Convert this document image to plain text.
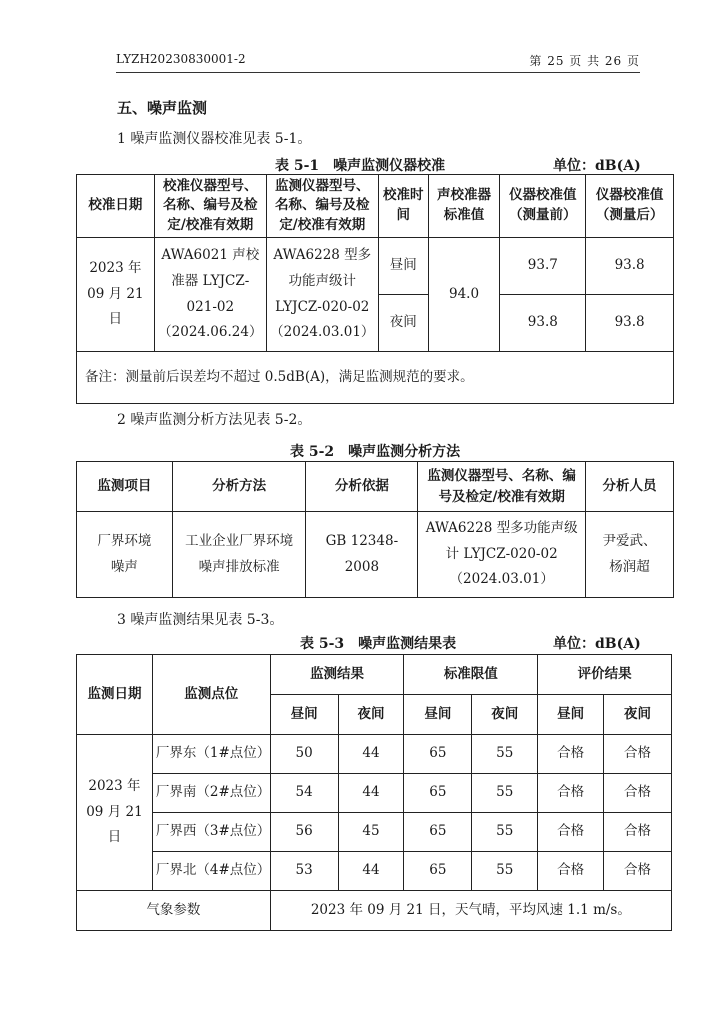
LYZH20230830001-2	第 25 页 共 26 页
五、噪声监测
1 噪声监测仪器校准见表 5-1。
表 5-1　噪声监测仪器校准	单位：dB(A)
校准日期	校准仪器型号、名称、编号及检定/校准有效期	监测仪器型号、名称、编号及检定/校准有效期	校准时间	声校准器标准值	仪器校准值（测量前）	仪器校准值（测量后）
2023 年 09 月 21 日	AWA6021 声校准器 LYJCZ-021-02（2024.06.24）	AWA6228 型多功能声级计 LYJCZ-020-02（2024.03.01）	昼间	94.0	93.7	93.8
			夜间		93.8	93.8
备注：测量前后误差均不超过 0.5dB(A)，满足监测规范的要求。						
2 噪声监测分析方法见表 5-2。
表 5-2　噪声监测分析方法
监测项目	分析方法	分析依据	监测仪器型号、名称、编号及检定/校准有效期	分析人员
厂界环境噪声	工业企业厂界环境噪声排放标准	GB 12348-2008	AWA6228 型多功能声级计 LYJCZ-020-02（2024.03.01）	尹爱武、杨润超
3 噪声监测结果见表 5-3。
表 5-3　噪声监测结果表	单位：dB(A)
监测日期	监测点位	监测结果		标准限值		评价结果	
		昼间	夜间	昼间	夜间	昼间	夜间
2023 年 09 月 21 日	厂界东（1#点位）	50	44	65	55	合格	合格
	厂界南（2#点位）	54	44	65	55	合格	合格
	厂界西（3#点位）	56	45	65	55	合格	合格
	厂界北（4#点位）	53	44	65	55	合格	合格
气象参数		2023 年 09 月 21 日，天气晴，平均风速 1.1 m/s。					
